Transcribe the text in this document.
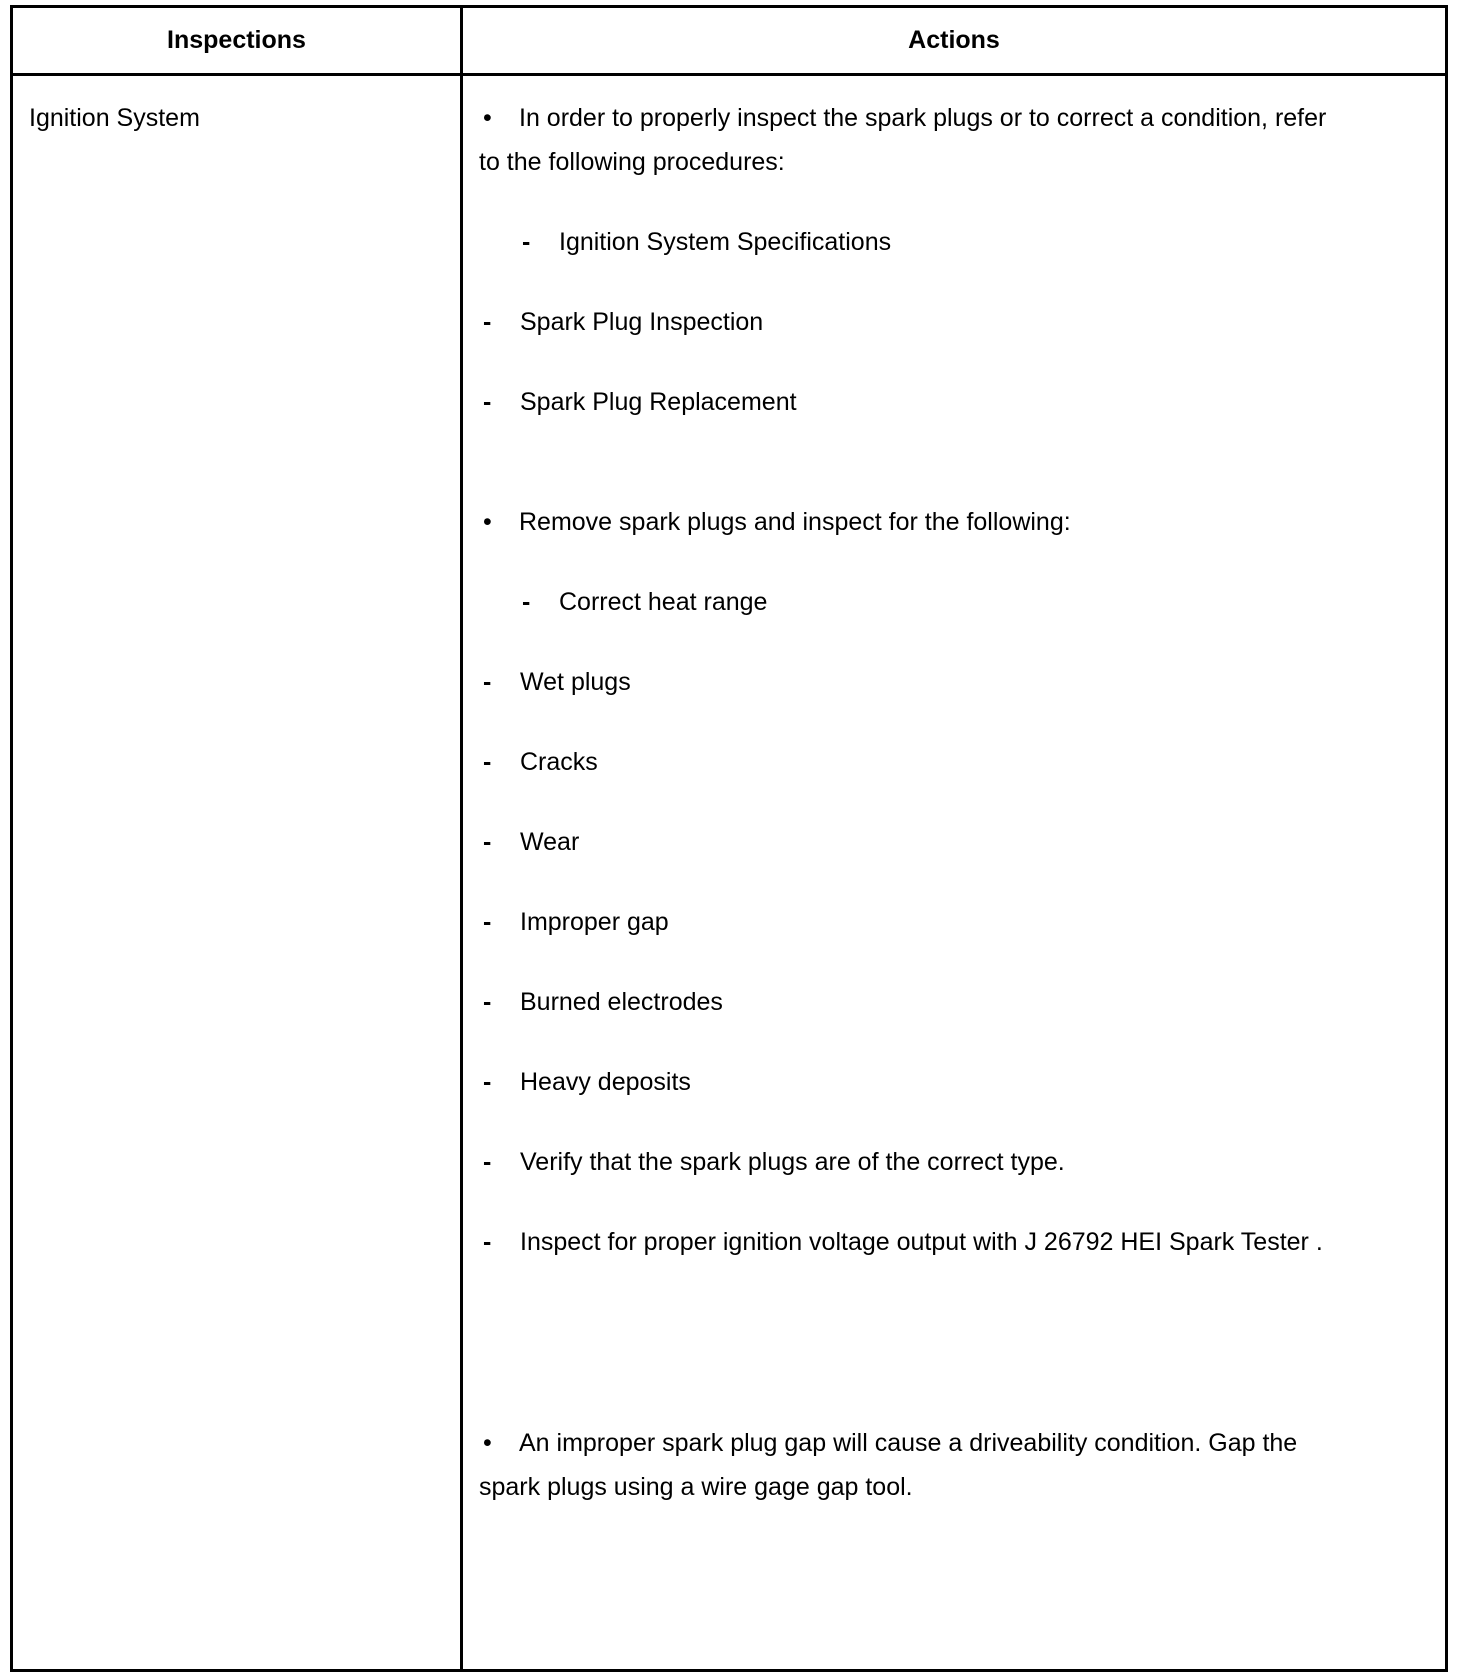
Inspections	Actions
Ignition System	• In order to properly inspect the spark plugs or to correct a condition, refer to the following procedures:

-	Ignition System Specifications

-	Spark Plug Inspection

-	Spark Plug Replacement

• Remove spark plugs and inspect for the following:

-	Correct heat range

-	Wet plugs

-	Cracks

-	Wear

-	Improper gap

-	Burned electrodes

-	Heavy deposits

-	Verify that the spark plugs are of the correct type.

- Inspect for proper ignition voltage output with J 26792 HEI Spark Tester .

• An improper spark plug gap will cause a driveability condition. Gap the spark plugs using a wire gage gap tool.
